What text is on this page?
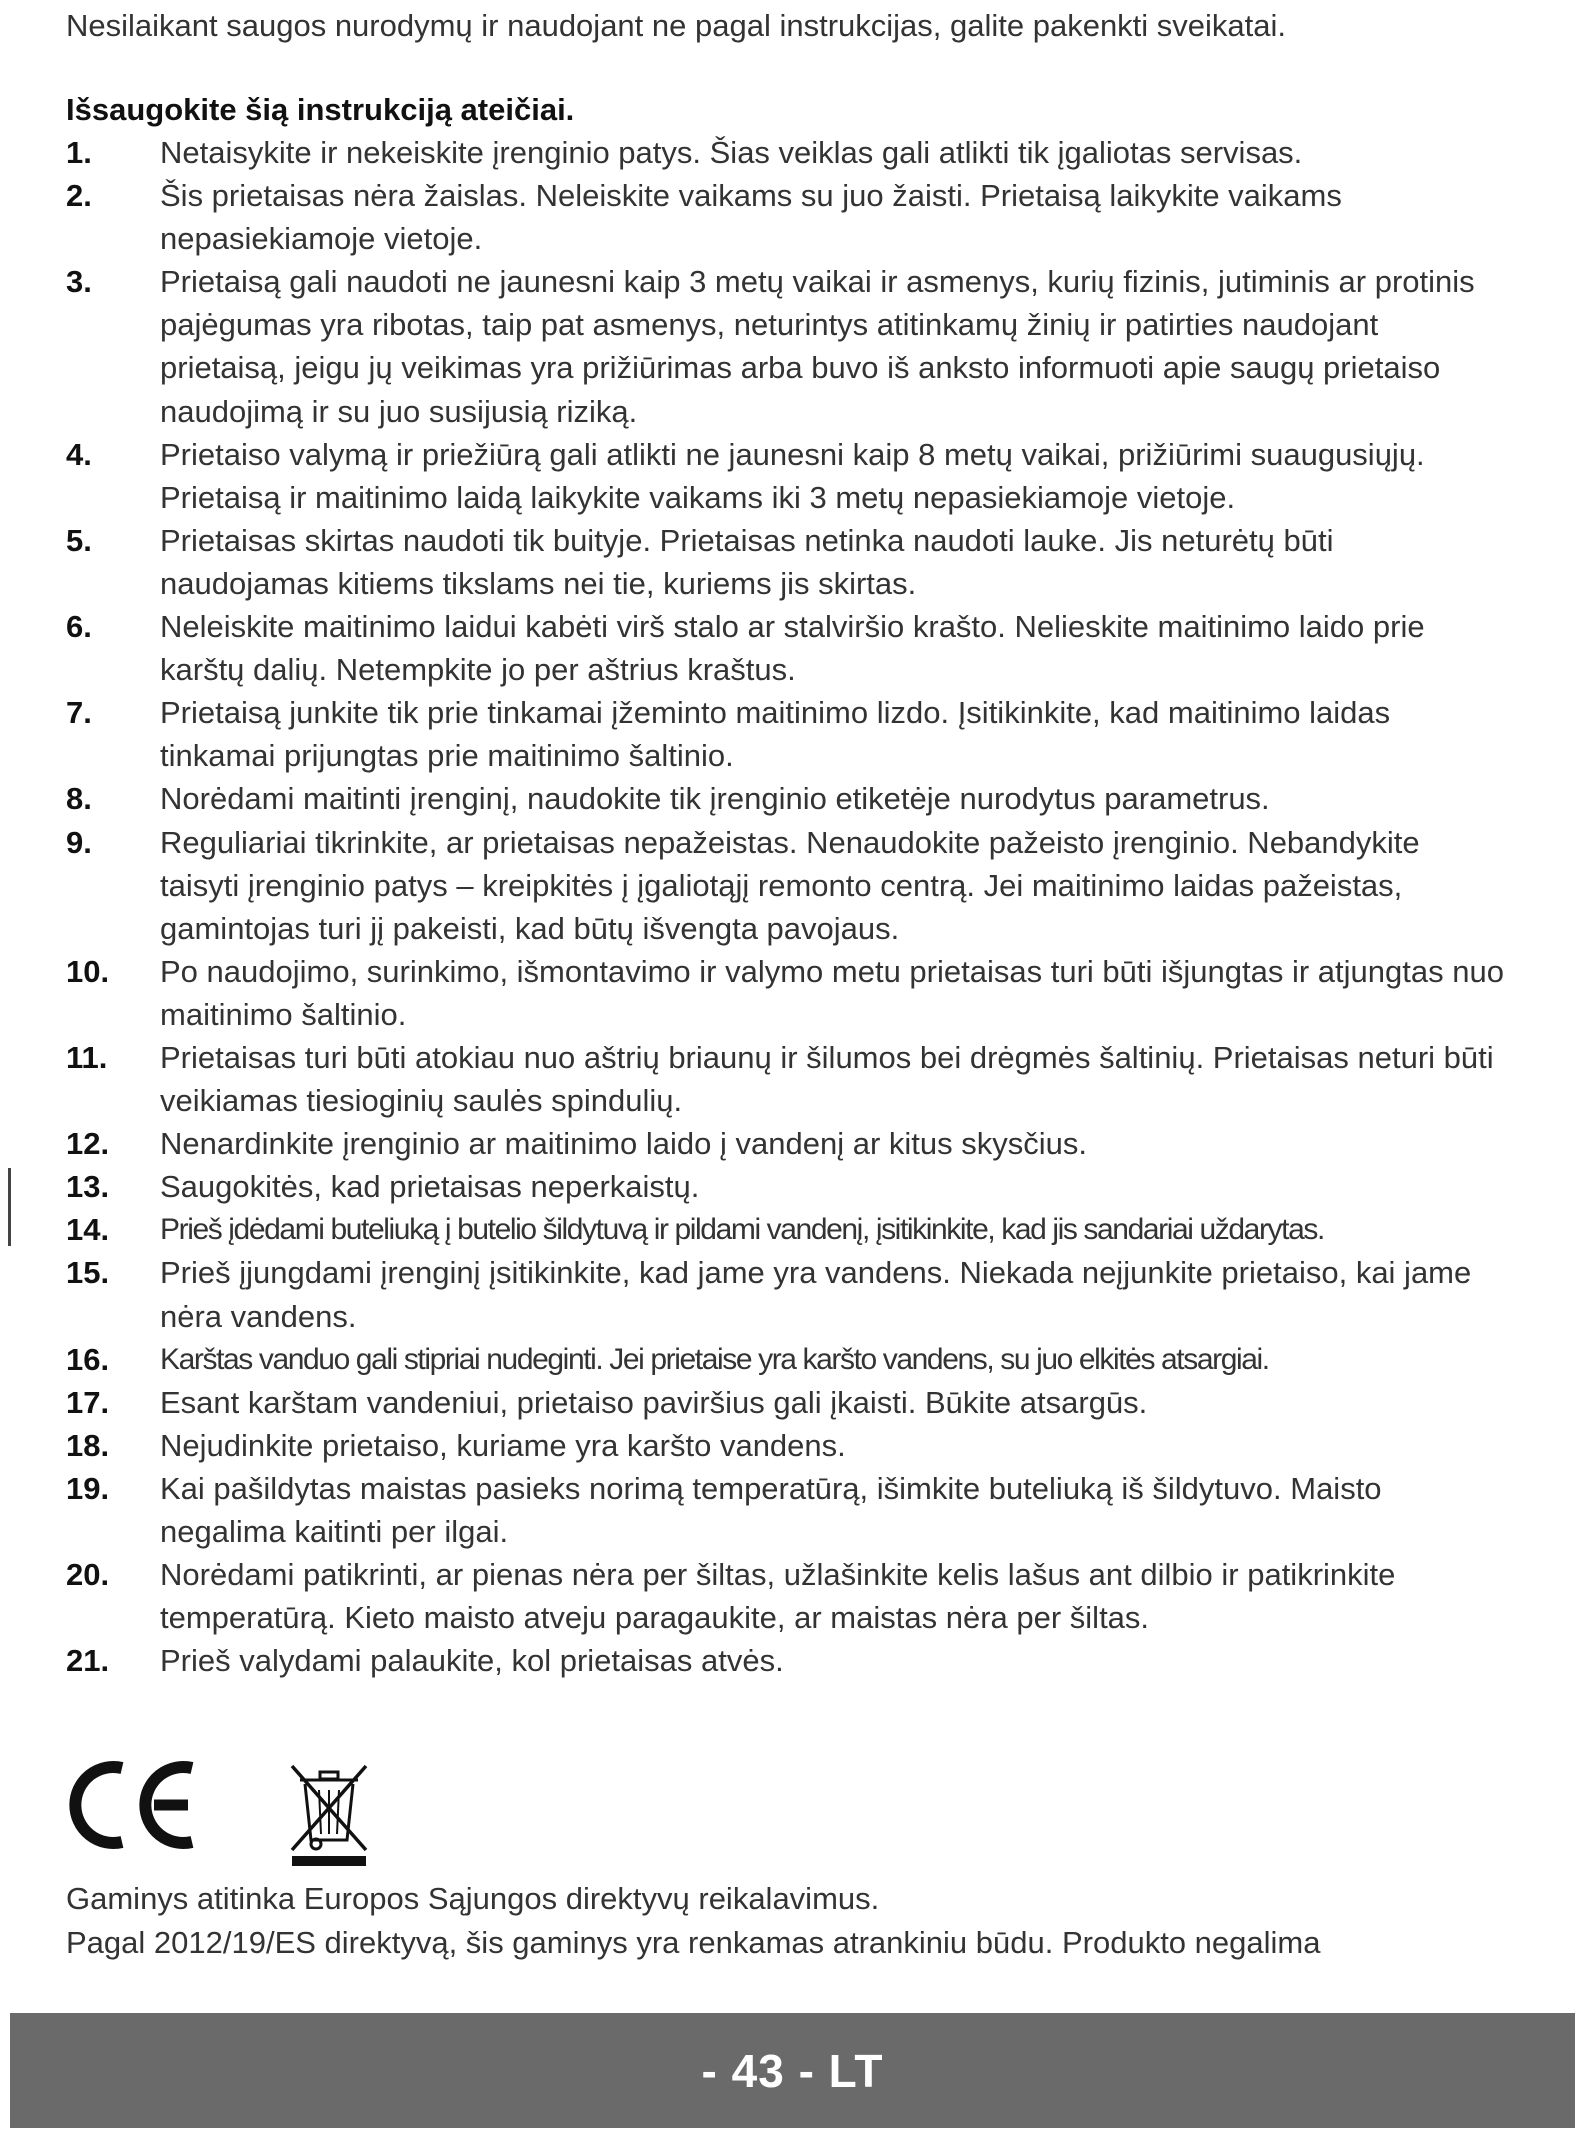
Nesilaikant saugos nurodymų ir naudojant ne pagal instrukcijas, galite pakenkti sveikatai.
Išsaugokite šią instrukciją ateičiai.
1.	Netaisykite ir nekeiskite įrenginio patys. Šias veiklas gali atlikti tik įgaliotas servisas.
2.	Šis prietaisas nėra žaislas. Neleiskite vaikams su juo žaisti. Prietaisą laikykite vaikams nepasiekiamoje vietoje.
3.	Prietaisą gali naudoti ne jaunesni kaip 3 metų vaikai ir asmenys, kurių fizinis, jutiminis ar protinis pajėgumas yra ribotas, taip pat asmenys, neturintys atitinkamų žinių ir patirties naudojant prietaisą, jeigu jų veikimas yra prižiūrimas arba buvo iš anksto informuoti apie saugų prietaiso naudojimą ir su juo susijusią riziką.
4.	Prietaiso valymą ir priežiūrą gali atlikti ne jaunesni kaip 8 metų vaikai, prižiūrimi suaugusiųjų. Prietaisą ir maitinimo laidą laikykite vaikams iki 3 metų nepasiekiamoje vietoje.
5.	Prietaisas skirtas naudoti tik buityje. Prietaisas netinka naudoti lauke. Jis neturėtų būti naudojamas kitiems tikslams nei tie, kuriems jis skirtas.
6.	Neleiskite maitinimo laidui kabėti virš stalo ar stalviršio krašto. Nelieskite maitinimo laido prie karštų dalių. Netempkite jo per aštrius kraštus.
7.	Prietaisą junkite tik prie tinkamai įžeminto maitinimo lizdo. Įsitikinkite, kad maitinimo laidas tinkamai prijungtas prie maitinimo šaltinio.
8.	Norėdami maitinti įrenginį, naudokite tik įrenginio etiketėje nurodytus parametrus.
9.	Reguliariai tikrinkite, ar prietaisas nepažeistas. Nenaudokite pažeisto įrenginio. Nebandykite taisyti įrenginio patys – kreipkitės į įgaliotąjį remonto centrą. Jei maitinimo laidas pažeistas, gamintojas turi jį pakeisti, kad būtų išvengta pavojaus.
10.	Po naudojimo, surinkimo, išmontavimo ir valymo metu prietaisas turi būti išjungtas ir atjungtas nuo maitinimo šaltinio.
11.	Prietaisas turi būti atokiau nuo aštrių briaunų ir šilumos bei drėgmės šaltinių. Prietaisas neturi būti veikiamas tiesioginių saulės spindulių.
12.	Nenardinkite įrenginio ar maitinimo laido į vandenį ar kitus skysčius.
13.	Saugokitės, kad prietaisas neperkaistų.
14.	Prieš įdėdami buteliuką į butelio šildytuvą ir pildami vandenį, įsitikinkite, kad jis sandariai uždarytas.
15.	Prieš įjungdami įrenginį įsitikinkite, kad jame yra vandens. Niekada neįjunkite prietaiso, kai jame nėra vandens.
16.	Karštas vanduo gali stipriai nudeginti. Jei prietaise yra karšto vandens, su juo elkitės atsargiai.
17.	Esant karštam vandeniui, prietaiso paviršius gali įkaisti. Būkite atsargūs.
18.	Nejudinkite prietaiso, kuriame yra karšto vandens.
19.	Kai pašildytas maistas pasieks norimą temperatūrą, išimkite buteliuką iš šildytuvo. Maisto negalima kaitinti per ilgai.
20.	Norėdami patikrinti, ar pienas nėra per šiltas, užlašinkite kelis lašus ant dilbio ir patikrinkite temperatūrą. Kieto maisto atveju paragaukite, ar maistas nėra per šiltas.
21.	Prieš valydami palaukite, kol prietaisas atvės.
Gaminys atitinka Europos Sąjungos direktyvų reikalavimus.
Pagal 2012/19/ES direktyvą, šis gaminys yra renkamas atrankiniu būdu. Produkto negalima
- 43 - LT
